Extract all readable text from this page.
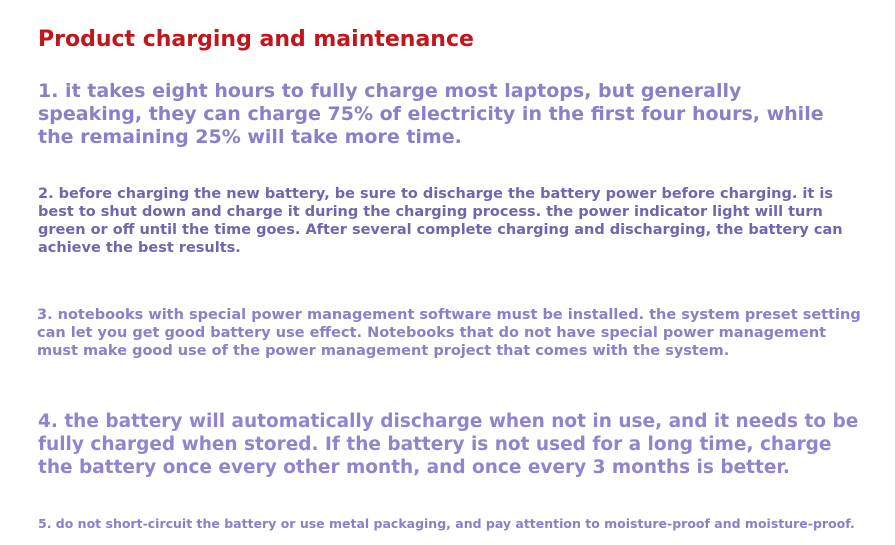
Product charging and maintenance

1. it takes eight hours to fully charge most laptops, but generally speaking, they can charge 75% of electricity in the first four hours, while the remaining 25% will take more time.

2. before charging the new battery, be sure to discharge the battery power before charging. it is best to shut down and charge it during the charging process. the power indicator light will turn green or off until the time goes. After several complete charging and discharging, the battery can achieve the best results.

3. notebooks with special power management software must be installed. the system preset setting can let you get good battery use effect. Notebooks that do not have special power management must make good use of the power management project that comes with the system.

4. the battery will automatically discharge when not in use, and it needs to be fully charged when stored. If the battery is not used for a long time, charge the battery once every other month, and once every 3 months is better.

5. do not short-circuit the battery or use metal packaging, and pay attention to moisture-proof and moisture-proof.
